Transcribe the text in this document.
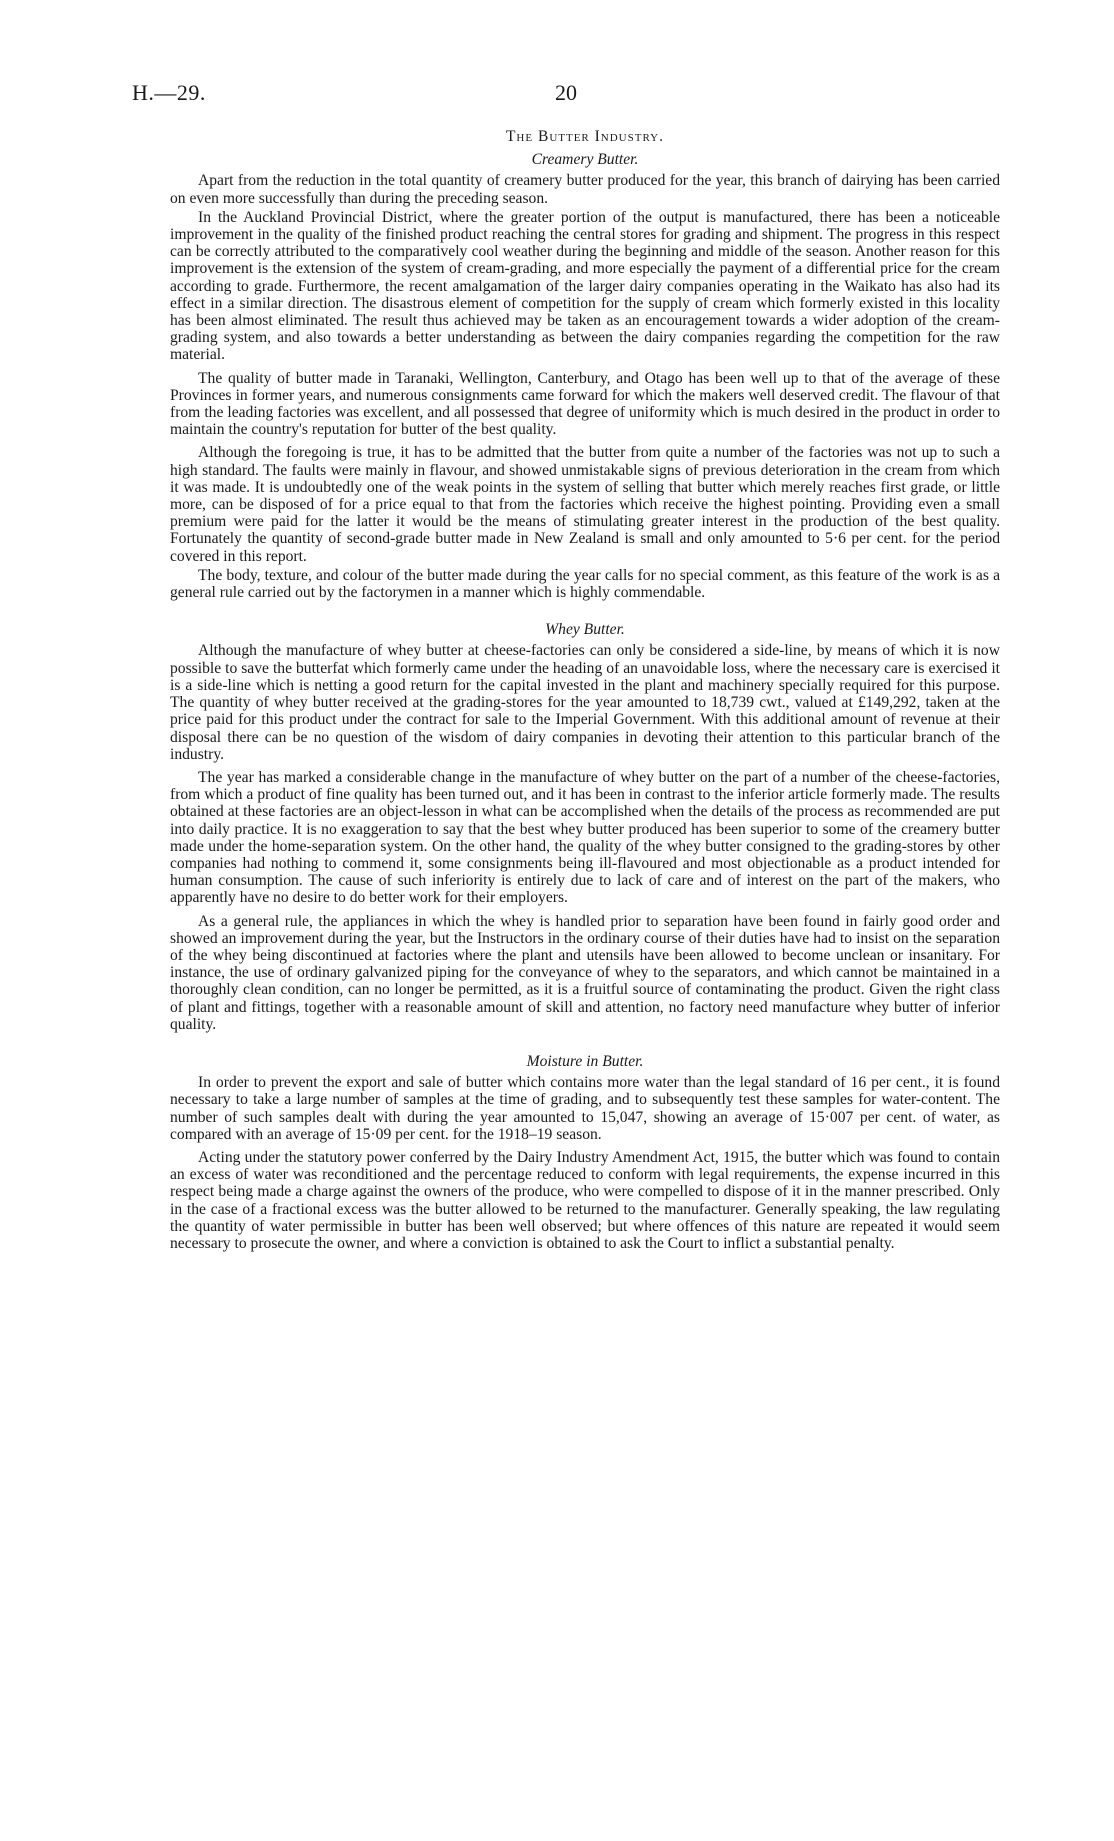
H.—29.	20
The Butter Industry.
Creamery Butter.

Apart from the reduction in the total quantity of creamery butter produced for the year, this branch of dairying has been carried on even more successfully than during the preceding season.

In the Auckland Provincial District, where the greater portion of the output is manufactured, there has been a noticeable improvement in the quality of the finished product reaching the central stores for grading and shipment. The progress in this respect can be correctly attributed to the comparatively cool weather during the beginning and middle of the season. Another reason for this improvement is the extension of the system of cream-grading, and more especially the payment of a differential price for the cream according to grade. Furthermore, the recent amalgamation of the larger dairy companies operating in the Waikato has also had its effect in a similar direction. The disastrous element of competition for the supply of cream which formerly existed in this locality has been almost eliminated. The result thus achieved may be taken as an encouragement towards a wider adoption of the cream-grading system, and also towards a better understanding as between the dairy companies regarding the competition for the raw material.

The quality of butter made in Taranaki, Wellington, Canterbury, and Otago has been well up to that of the average of these Provinces in former years, and numerous consignments came forward for which the makers well deserved credit. The flavour of that from the leading factories was excellent, and all possessed that degree of uniformity which is much desired in the product in order to maintain the country's reputation for butter of the best quality.

Although the foregoing is true, it has to be admitted that the butter from quite a number of the factories was not up to such a high standard. The faults were mainly in flavour, and showed unmistakable signs of previous deterioration in the cream from which it was made. It is undoubtedly one of the weak points in the system of selling that butter which merely reaches first grade, or little more, can be disposed of for a price equal to that from the factories which receive the highest pointing. Providing even a small premium were paid for the latter it would be the means of stimulating greater interest in the production of the best quality. Fortunately the quantity of second-grade butter made in New Zealand is small and only amounted to 5·6 per cent. for the period covered in this report.

The body, texture, and colour of the butter made during the year calls for no special comment, as this feature of the work is as a general rule carried out by the factorymen in a manner which is highly commendable.

Whey Butter.

Although the manufacture of whey butter at cheese-factories can only be considered a side-line, by means of which it is now possible to save the butterfat which formerly came under the heading of an unavoidable loss, where the necessary care is exercised it is a side-line which is netting a good return for the capital invested in the plant and machinery specially required for this purpose. The quantity of whey butter received at the grading-stores for the year amounted to 18,739 cwt., valued at £149,292, taken at the price paid for this product under the contract for sale to the Imperial Government. With this additional amount of revenue at their disposal there can be no question of the wisdom of dairy companies in devoting their attention to this particular branch of the industry.

The year has marked a considerable change in the manufacture of whey butter on the part of a number of the cheese-factories, from which a product of fine quality has been turned out, and it has been in contrast to the inferior article formerly made. The results obtained at these factories are an object-lesson in what can be accomplished when the details of the process as recommended are put into daily practice. It is no exaggeration to say that the best whey butter produced has been superior to some of the creamery butter made under the home-separation system. On the other hand, the quality of the whey butter consigned to the grading-stores by other companies had nothing to commend it, some consignments being ill-flavoured and most objectionable as a product intended for human consumption. The cause of such inferiority is entirely due to lack of care and of interest on the part of the makers, who apparently have no desire to do better work for their employers.

As a general rule, the appliances in which the whey is handled prior to separation have been found in fairly good order and showed an improvement during the year, but the Instructors in the ordinary course of their duties have had to insist on the separation of the whey being discontinued at factories where the plant and utensils have been allowed to become unclean or insanitary. For instance, the use of ordinary galvanized piping for the conveyance of whey to the separators, and which cannot be maintained in a thoroughly clean condition, can no longer be permitted, as it is a fruitful source of contaminating the product. Given the right class of plant and fittings, together with a reasonable amount of skill and attention, no factory need manufacture whey butter of inferior quality.

Moisture in Butter.

In order to prevent the export and sale of butter which contains more water than the legal standard of 16 per cent., it is found necessary to take a large number of samples at the time of grading, and to subsequently test these samples for water-content. The number of such samples dealt with during the year amounted to 15,047, showing an average of 15·007 per cent. of water, as compared with an average of 15·09 per cent. for the 1918–19 season.

Acting under the statutory power conferred by the Dairy Industry Amendment Act, 1915, the butter which was found to contain an excess of water was reconditioned and the percentage reduced to conform with legal requirements, the expense incurred in this respect being made a charge against the owners of the produce, who were compelled to dispose of it in the manner prescribed. Only in the case of a fractional excess was the butter allowed to be returned to the manufacturer. Generally speaking, the law regulating the quantity of water permissible in butter has been well observed; but where offences of this nature are repeated it would seem necessary to prosecute the owner, and where a conviction is obtained to ask the Court to inflict a substantial penalty.
